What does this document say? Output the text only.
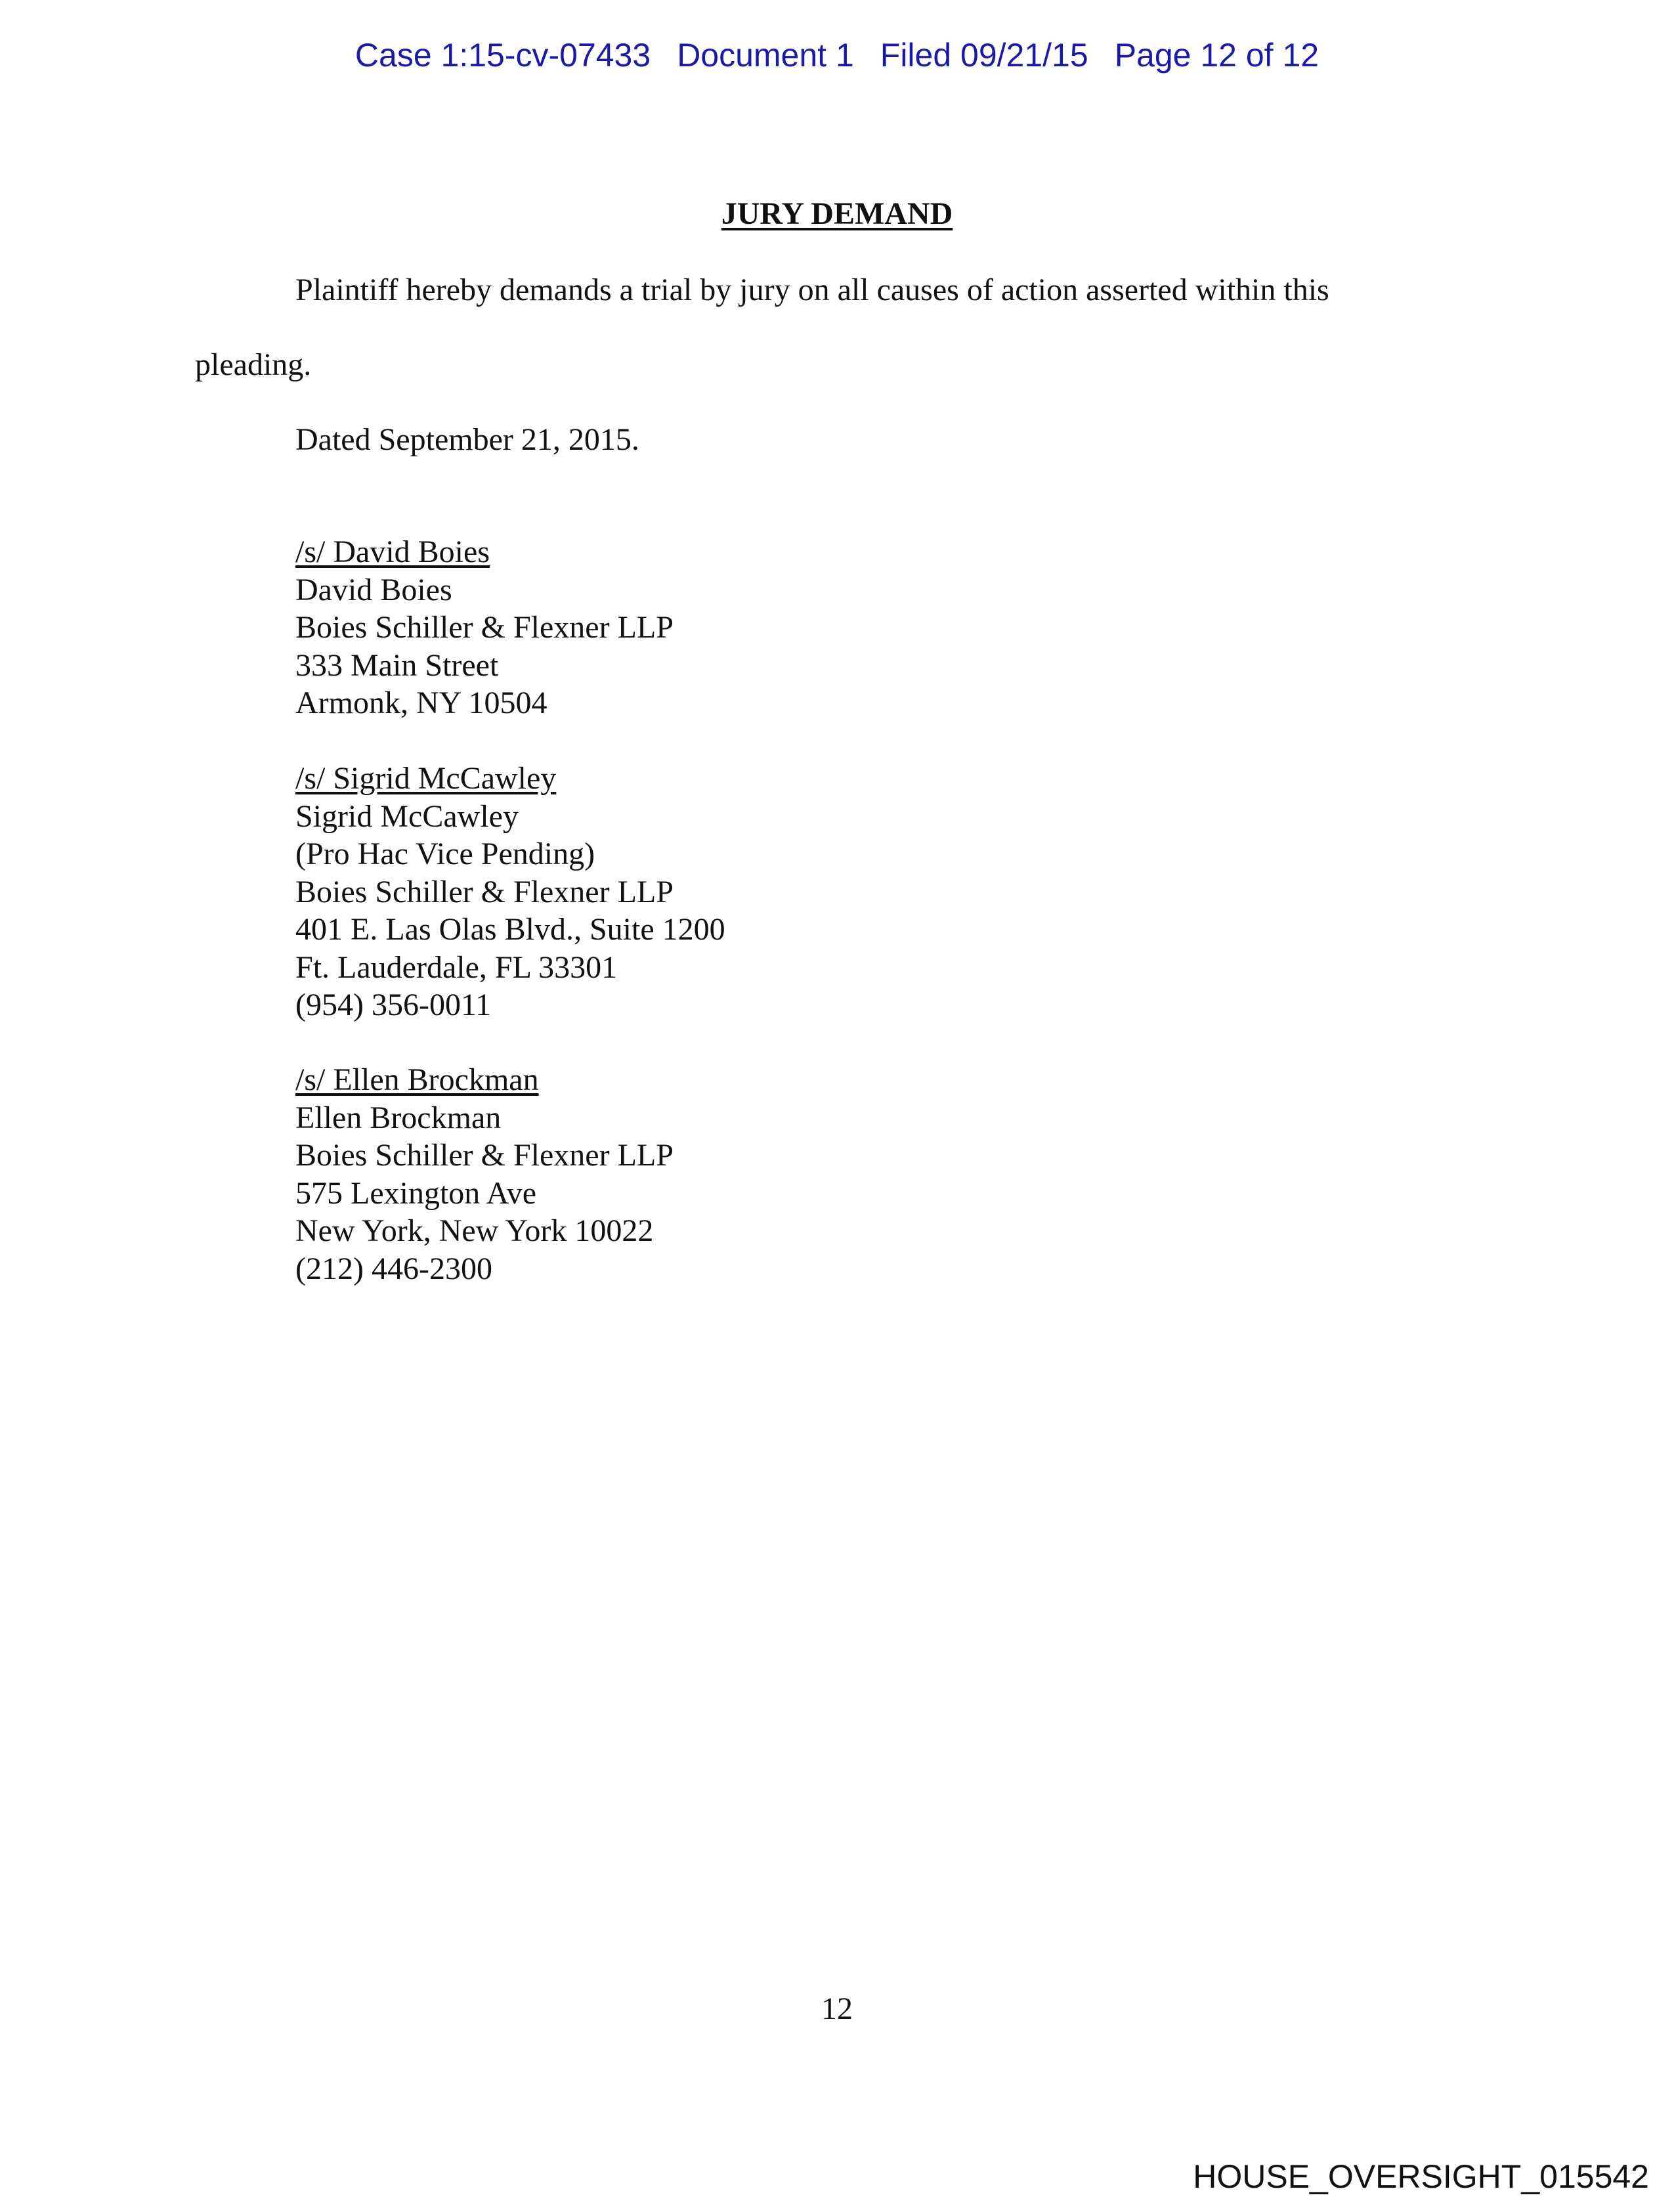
Case 1:15-cv-07433 Document 1 Filed 09/21/15 Page 12 of 12
JURY DEMAND
Plaintiff hereby demands a trial by jury on all causes of action asserted within this
pleading.
Dated September 21, 2015.
/s/ David Boies
David Boies
Boies Schiller & Flexner LLP
333 Main Street
Armonk, NY 10504
/s/ Sigrid McCawley
Sigrid McCawley
(Pro Hac Vice Pending)
Boies Schiller & Flexner LLP
401 E. Las Olas Blvd., Suite 1200
Ft. Lauderdale, FL 33301
(954) 356-0011
/s/ Ellen Brockman
Ellen Brockman
Boies Schiller & Flexner LLP
575 Lexington Ave
New York, New York 10022
(212) 446-2300
12
HOUSE_OVERSIGHT_015542
